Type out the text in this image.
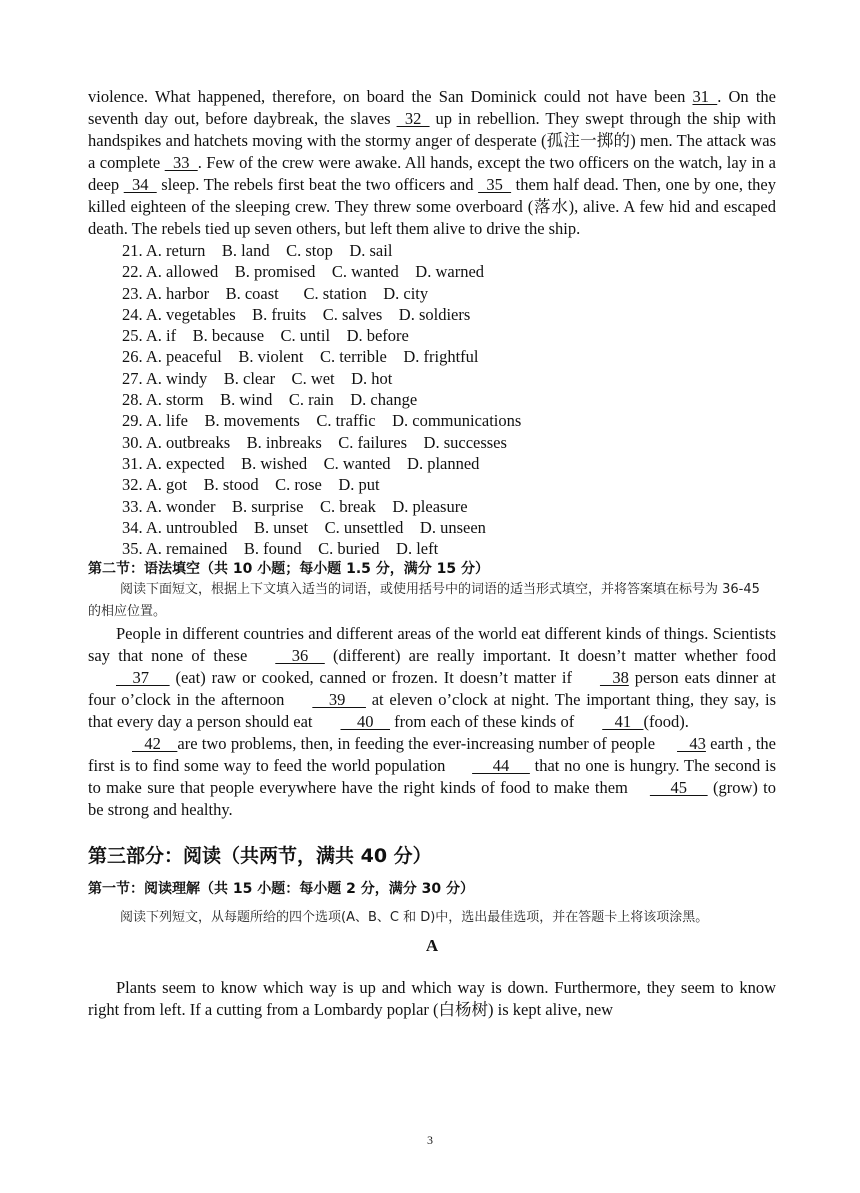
violence. What happened, therefore, on board the San Dominick could not have been 31  . On the seventh day out, before daybreak, the slaves   32   up in rebellion. They swept through the ship with handspikes and hatchets moving with the stormy anger of desperate (孤注一掷的) men. The attack was a complete   33  . Few of the crew were awake. All hands, except the two officers on the watch, lay in a deep   34   sleep. The rebels first beat the two officers and   35   them half dead. Then, one by one, they killed eighteen of the sleeping crew. They threw some overboard (落水), alive. A few hid and escaped death. The rebels tied up seven others, but left them alive to drive the ship.

21. A. return    B. land    C. stop    D. sail
22. A. allowed    B. promised    C. wanted    D. warned
23. A. harbor    B. coast      C. station    D. city
24. A. vegetables    B. fruits    C. salves    D. soldiers
25. A. if    B. because    C. until    D. before
26. A. peaceful    B. violent    C. terrible    D. frightful
27. A. windy    B. clear    C. wet    D. hot
28. A. storm    B. wind    C. rain    D. change
29. A. life    B. movements    C. traffic    D. communications
30. A. outbreaks    B. inbreaks    C. failures    D. successes
31. A. expected    B. wished    C. wanted    D. planned
32. A. got    B. stood    C. rose    D. put
33. A. wonder    B. surprise    C. break    D. pleasure
34. A. untroubled    B. unset    C. unsettled    D. unseen
35. A. remained    B. found    C. buried    D. left

第二节：语法填空（共 10 小题；每小题 1.5 分，满分 15 分）

阅读下面短文，根据上下文填入适当的词语，或使用括号中的词语的适当形式填空，并将答案填在标号为 36-45 的相应位置。

People in different countries and different areas of the world eat different kinds of things. Scientists say that none of these    36     (different) are really important. It doesn’t matter whether food    37      (eat) raw or cooked, canned or frozen. It doesn’t matter if   38 person eats dinner at four o’clock in the afternoon    39      at eleven o’clock at night. The important thing, they say, is that every day a person should eat    40     from each of these kinds of   41   (food).

42    are two problems, then, in feeding the ever-increasing number of people   43 earth , the first is to find some way to feed the world population      44      that no one is hungry. The second is to make sure that people everywhere have the right kinds of food to make them     45      (grow) to be strong and healthy.

第三部分：阅读（共两节，满共 40 分）

第一节：阅读理解（共 15 小题：每小题 2 分，满分 30 分）

阅读下列短文，从每题所给的四个选项(A、B、C 和 D)中，选出最佳选项，并在答题卡上将该项涂黑。

A

Plants seem to know which way is up and which way is down. Furthermore, they seem to know right from left. If a cutting from a Lombardy poplar (白杨树) is kept alive, new

3
